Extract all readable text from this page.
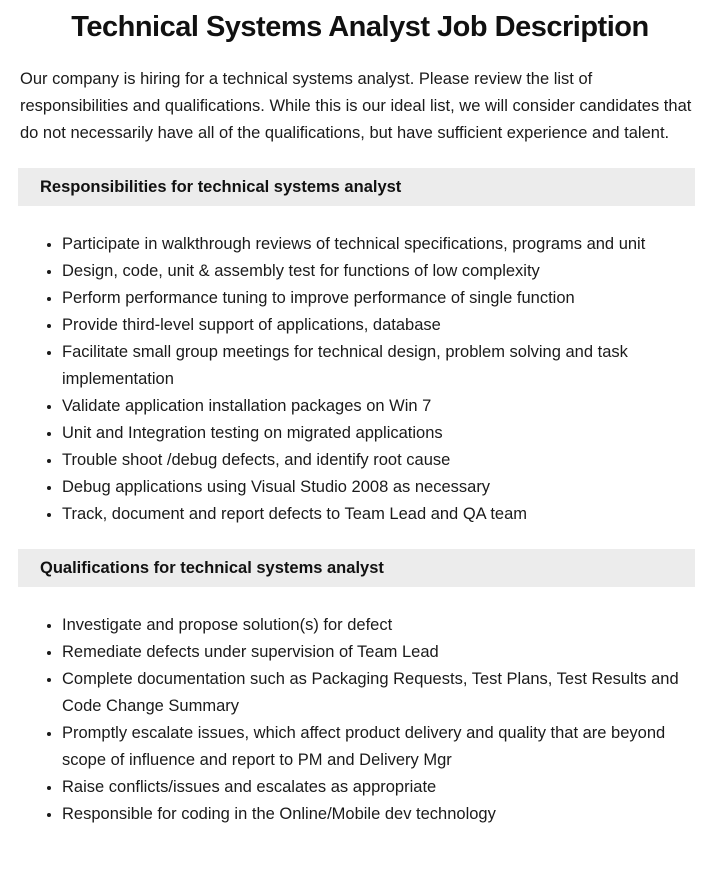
Technical Systems Analyst Job Description

Our company is hiring for a technical systems analyst. Please review the list of responsibilities and qualifications. While this is our ideal list, we will consider candidates that do not necessarily have all of the qualifications, but have sufficient experience and talent.

Responsibilities for technical systems analyst
• Participate in walkthrough reviews of technical specifications, programs and unit
• Design, code, unit & assembly test for functions of low complexity
• Perform performance tuning to improve performance of single function
• Provide third-level support of applications, database
• Facilitate small group meetings for technical design, problem solving and task implementation
• Validate application installation packages on Win 7
• Unit and Integration testing on migrated applications
• Trouble shoot /debug defects, and identify root cause
• Debug applications using Visual Studio 2008 as necessary
• Track, document and report defects to Team Lead and QA team
Qualifications for technical systems analyst
• Investigate and propose solution(s) for defect
• Remediate defects under supervision of Team Lead
• Complete documentation such as Packaging Requests, Test Plans, Test Results and Code Change Summary
• Promptly escalate issues, which affect product delivery and quality that are beyond scope of influence and report to PM and Delivery Mgr
• Raise conflicts/issues and escalates as appropriate
• Responsible for coding in the Online/Mobile dev technology
